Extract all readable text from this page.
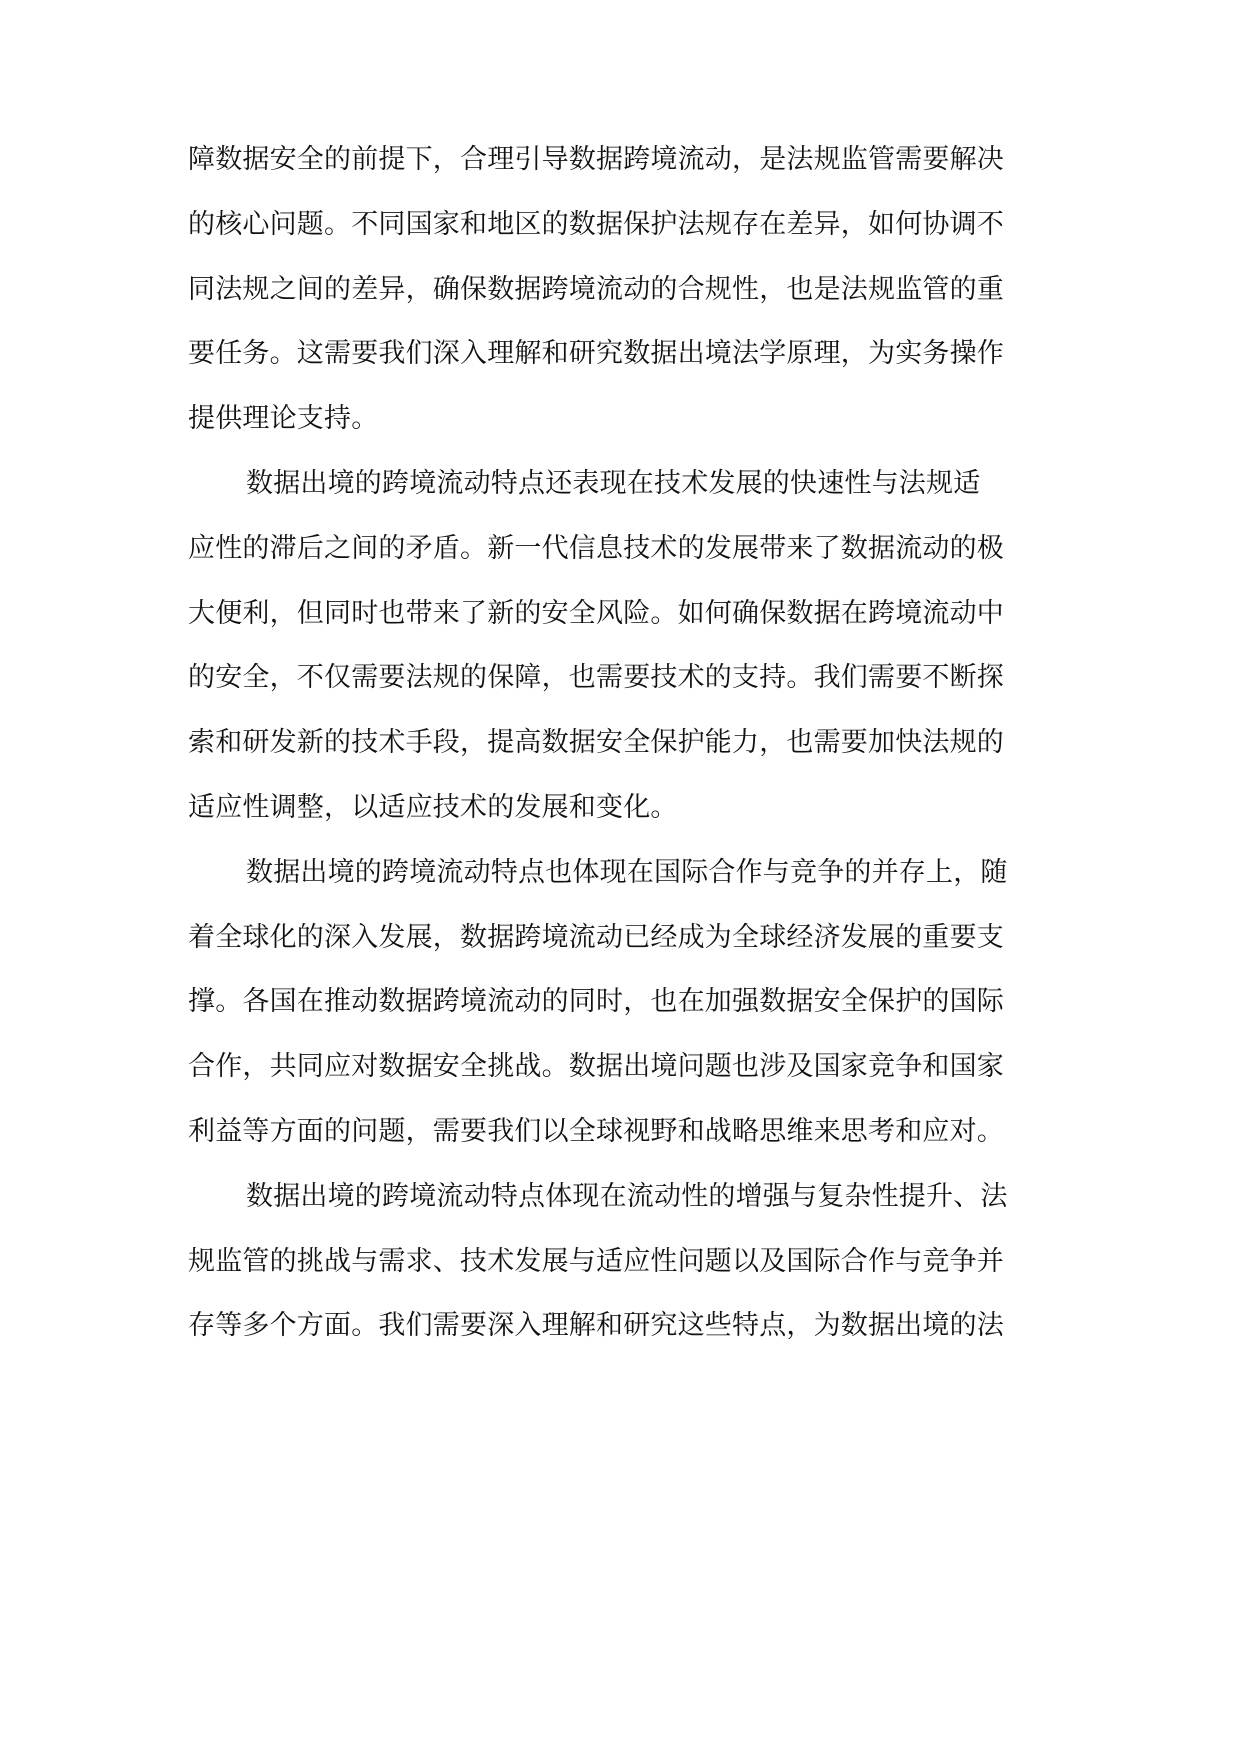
障数据安全的前提下，合理引导数据跨境流动，是法规监管需要解决
的核心问题。不同国家和地区的数据保护法规存在差异，如何协调不
同法规之间的差异，确保数据跨境流动的合规性，也是法规监管的重
要任务。这需要我们深入理解和研究数据出境法学原理，为实务操作
提供理论支持。
数据出境的跨境流动特点还表现在技术发展的快速性与法规适
应性的滞后之间的矛盾。新一代信息技术的发展带来了数据流动的极
大便利，但同时也带来了新的安全风险。如何确保数据在跨境流动中
的安全，不仅需要法规的保障，也需要技术的支持。我们需要不断探
索和研发新的技术手段，提高数据安全保护能力，也需要加快法规的
适应性调整，以适应技术的发展和变化。
数据出境的跨境流动特点也体现在国际合作与竞争的并存上，随
着全球化的深入发展，数据跨境流动已经成为全球经济发展的重要支
撑。各国在推动数据跨境流动的同时，也在加强数据安全保护的国际
合作，共同应对数据安全挑战。数据出境问题也涉及国家竞争和国家
利益等方面的问题，需要我们以全球视野和战略思维来思考和应对。
数据出境的跨境流动特点体现在流动性的增强与复杂性提升、法
规监管的挑战与需求、技术发展与适应性问题以及国际合作与竞争并
存等多个方面。我们需要深入理解和研究这些特点，为数据出境的法
